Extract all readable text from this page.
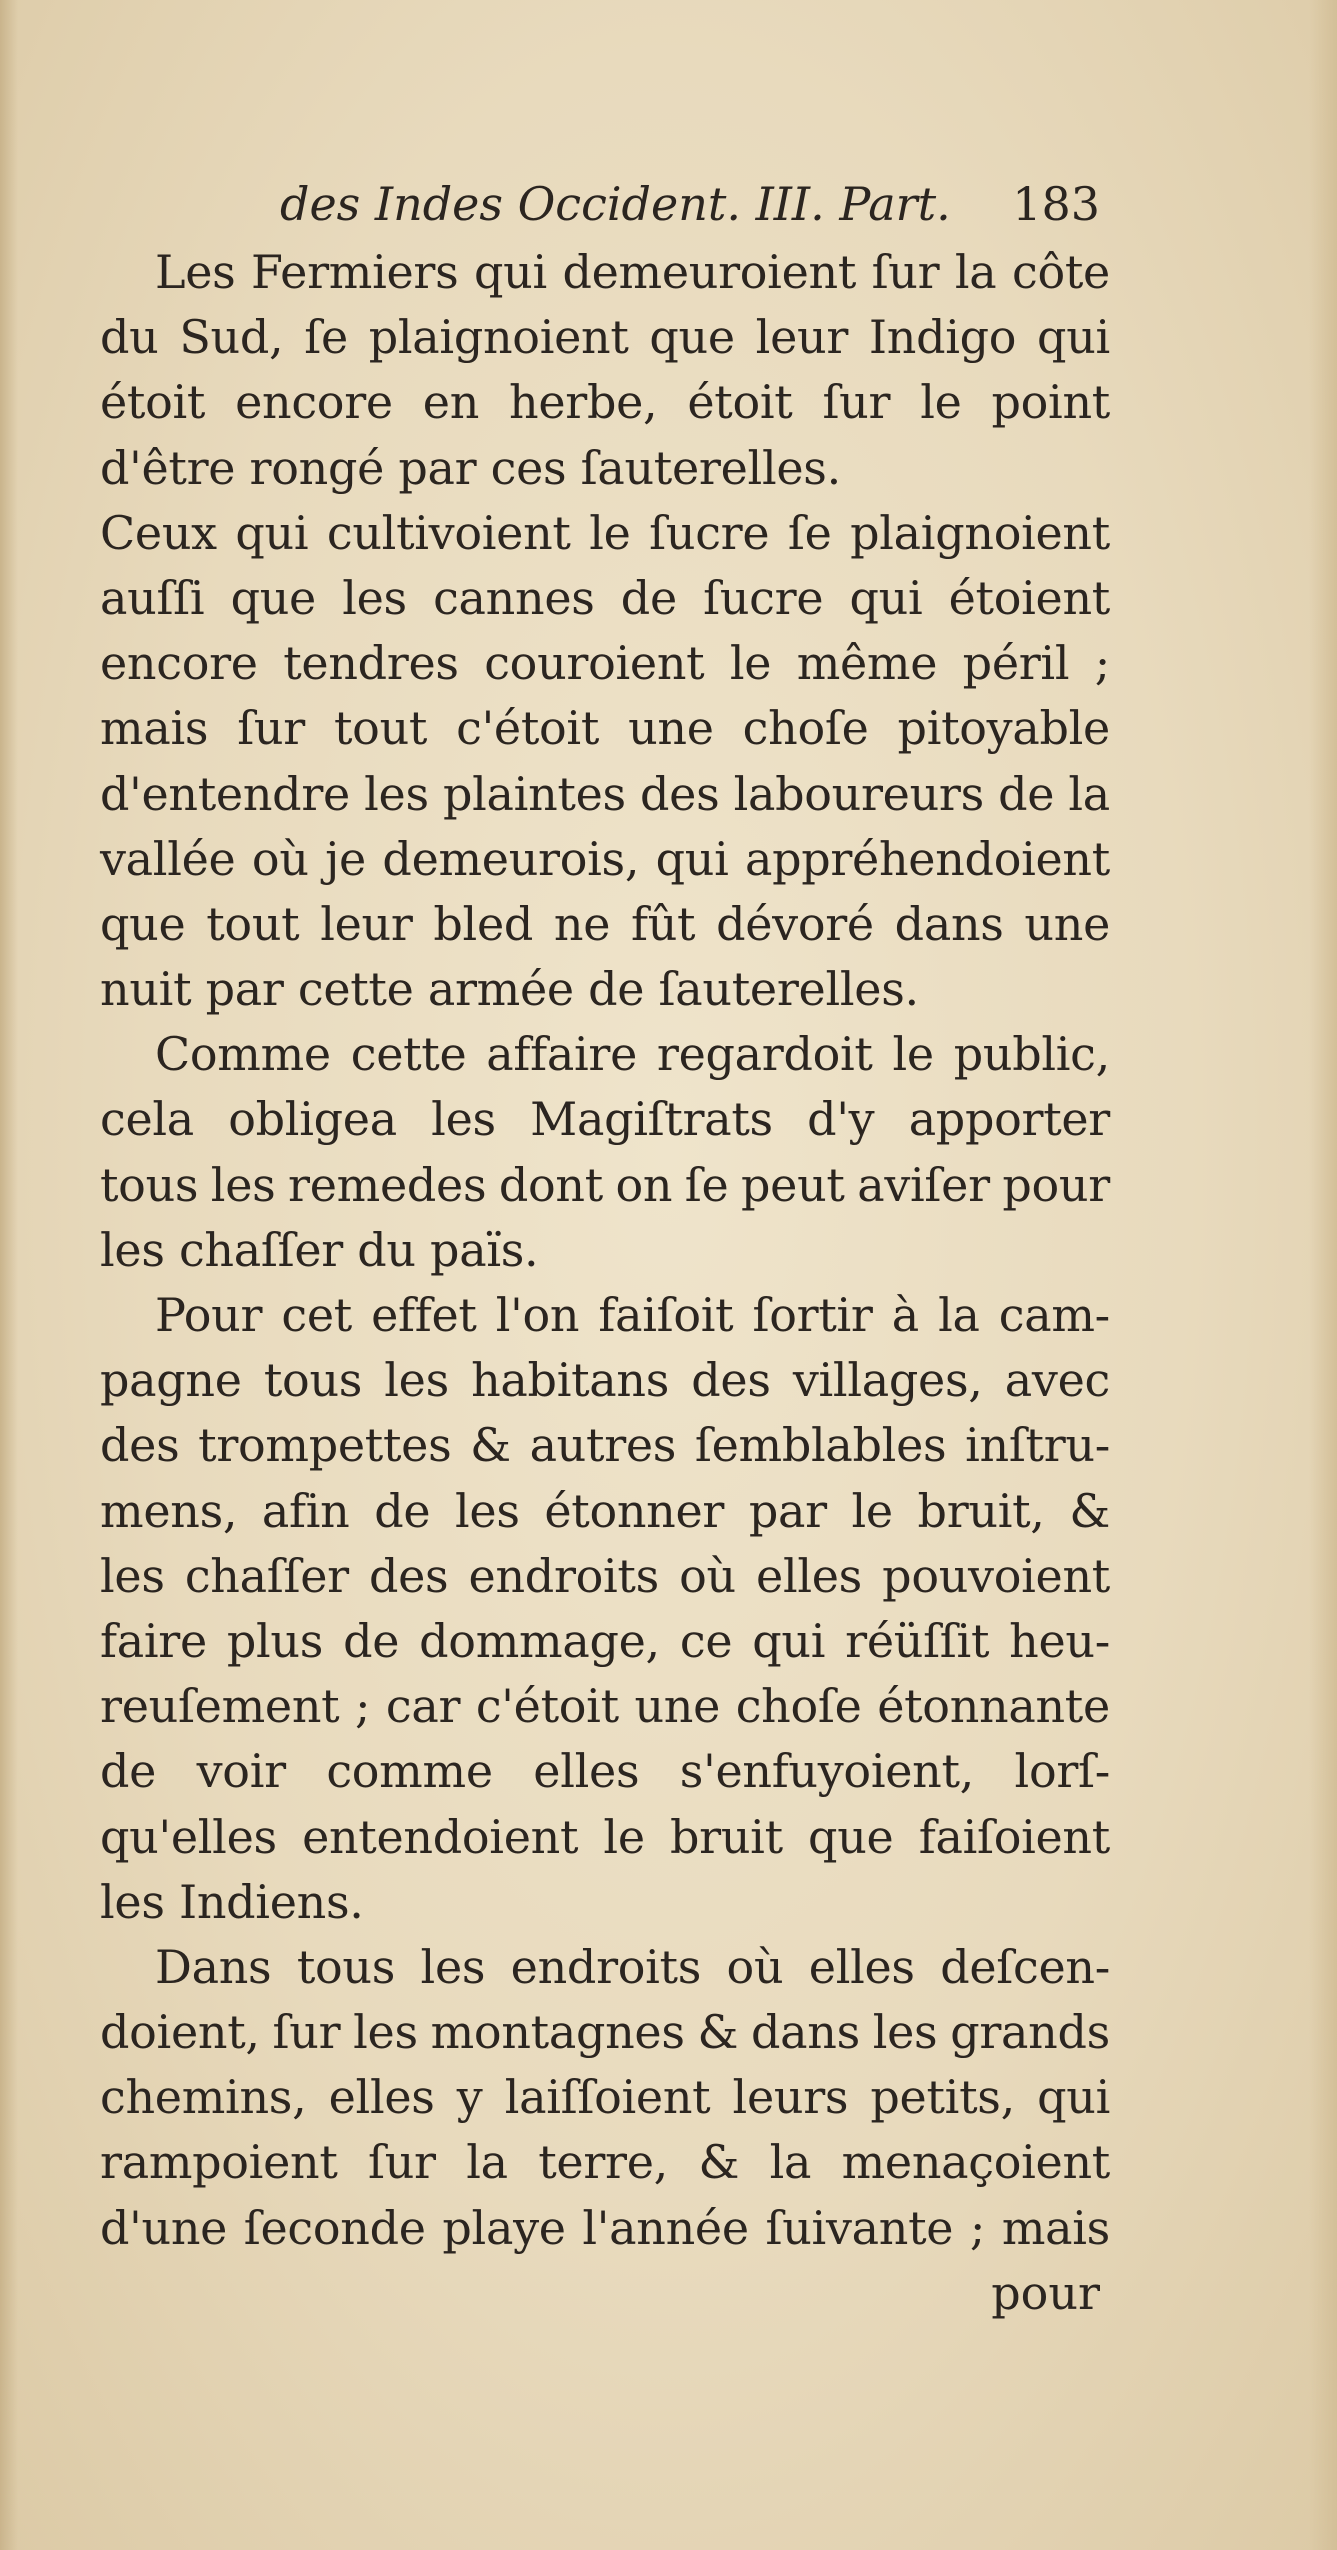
des Indes Occident. III. Part. 183
Les Fermiers qui demeuroient ſur la côte
du Sud, ſe plaignoient que leur Indigo qui
étoit encore en herbe, étoit ſur le point
d'être rongé par ces ſauterelles.
Ceux qui cultivoient le ſucre ſe plaignoient
auſſi que les cannes de ſucre qui étoient
encore tendres couroient le même péril ;
mais ſur tout c'étoit une choſe pitoyable
d'entendre les plaintes des laboureurs de la
vallée où je demeurois, qui appréhendoient
que tout leur bled ne fût dévoré dans une
nuit par cette armée de ſauterelles.
Comme cette affaire regardoit le public,
cela obligea les Magiſtrats d'y apporter
tous les remedes dont on ſe peut aviſer pour
les chaſſer du païs.
Pour cet effet l'on faiſoit ſortir à la cam-
pagne tous les habitans des villages, avec
des trompettes & autres ſemblables inſtru-
mens, afin de les étonner par le bruit, &
les chaſſer des endroits où elles pouvoient
faire plus de dommage, ce qui réüſſit heu-
reuſement ; car c'étoit une choſe étonnante
de voir comme elles s'enfuyoient, lorſ-
qu'elles entendoient le bruit que faiſoient
les Indiens.
Dans tous les endroits où elles deſcen-
doient, ſur les montagnes & dans les grands
chemins, elles y laiſſoient leurs petits, qui
rampoient ſur la terre, & la menaçoient
d'une ſeconde playe l'année ſuivante ; mais
pour
